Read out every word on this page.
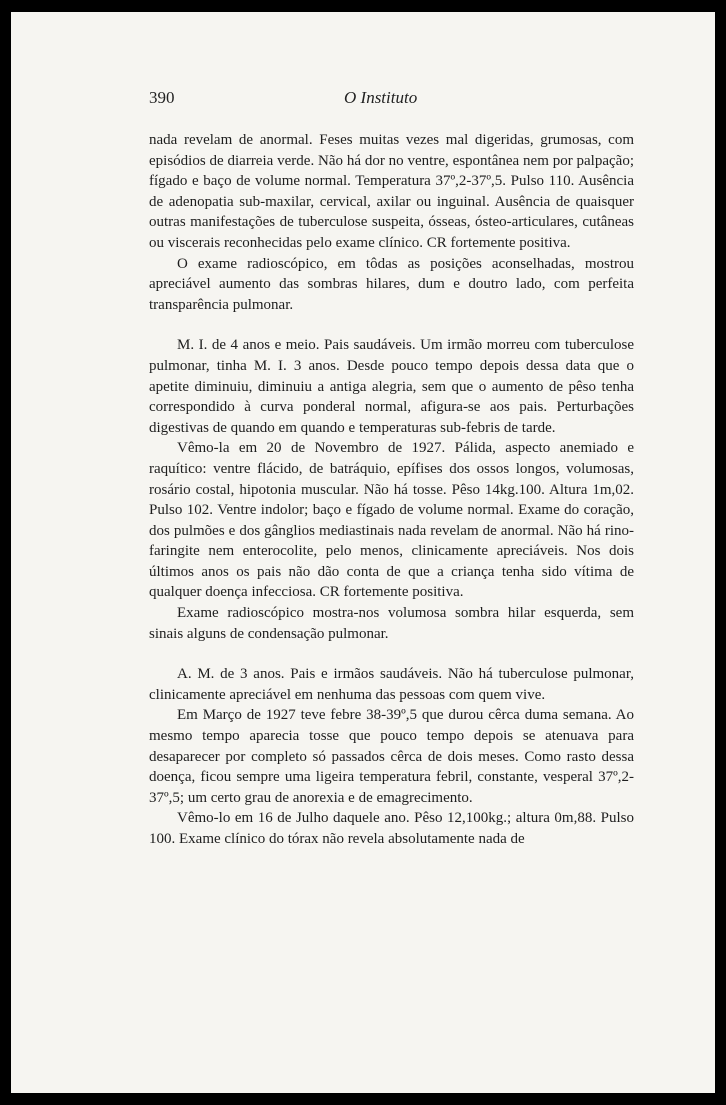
390	O Instituto

nada revelam de anormal. Feses muitas vezes mal digeridas, grumosas, com episódios de diarreia verde. Não há dor no ventre, espontânea nem por palpação; fígado e baço de volume normal. Temperatura 37º,2-37º,5. Pulso 110. Ausência de adenopatia sub-maxilar, cervical, axilar ou inguinal. Ausência de quaisquer outras manifestações de tuberculose suspeita, ósseas, ósteo-articulares, cutâneas ou viscerais reconhecidas pelo exame clínico. CR fortemente positiva.

O exame radioscópico, em tôdas as posições aconselhadas, mostrou apreciável aumento das sombras hilares, dum e doutro lado, com perfeita transparência pulmonar.

M. I. de 4 anos e meio. Pais saudáveis. Um irmão morreu com tuberculose pulmonar, tinha M. I. 3 anos. Desde pouco tempo depois dessa data que o apetite diminuiu, diminuiu a antiga alegria, sem que o aumento de pêso tenha correspondido à curva ponderal normal, afigura-se aos pais. Perturbações digestivas de quando em quando e temperaturas sub-febris de tarde.

Vêmo-la em 20 de Novembro de 1927. Pálida, aspecto anemiado e raquítico: ventre flácido, de batráquio, epífises dos ossos longos, volumosas, rosário costal, hipotonia muscular. Não há tosse. Pêso 14kg.100. Altura 1m,02. Pulso 102. Ventre indolor; baço e fígado de volume normal. Exame do coração, dos pulmões e dos gânglios mediastinais nada revelam de anormal. Não há rino-faringite nem enterocolite, pelo menos, clinicamente apreciáveis. Nos dois últimos anos os pais não dão conta de que a criança tenha sido vítima de qualquer doença infecciosa. CR fortemente positiva.

Exame radioscópico mostra-nos volumosa sombra hilar esquerda, sem sinais alguns de condensação pulmonar.

A. M. de 3 anos. Pais e irmãos saudáveis. Não há tuberculose pulmonar, clinicamente apreciável em nenhuma das pessoas com quem vive.

Em Março de 1927 teve febre 38-39º,5 que durou cêrca duma semana. Ao mesmo tempo aparecia tosse que pouco tempo depois se atenuava para desaparecer por completo só passados cêrca de dois meses. Como rasto dessa doença, ficou sempre uma ligeira temperatura febril, constante, vesperal 37º,2-37º,5; um certo grau de anorexia e de emagrecimento.

Vêmo-lo em 16 de Julho daquele ano. Pêso 12,100kg.; altura 0m,88. Pulso 100. Exame clínico do tórax não revela absolutamente nada de
